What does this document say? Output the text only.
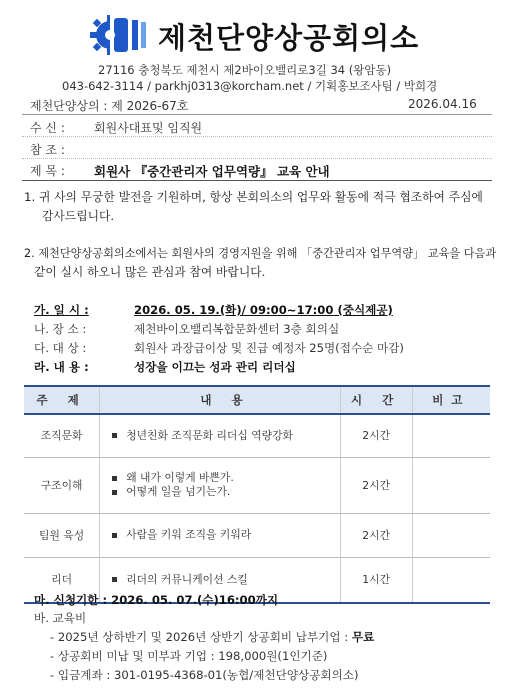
제천단양상공회의소
27116 충청북도 제천시 제2바이오밸리로3길 34 (왕암동)
043-642-3114 / parkhj0313@korcham.net / 기획홍보조사팀 / 박희경
제천단양상의 : 제 2026-67호	2026.04.16
수 신 : 회원사대표및 임직원
참 조 :
제 목 : 회원사 『중간관리자 업무역량』 교육 안내
1. 귀 사의 무궁한 발전을 기원하며, 항상 본회의소의 업무와 활동에 적극 협조하여 주심에
감사드립니다.
2. 제천단양상공회의소에서는 회원사의 경영지원을 위해 「중간관리자 업무역량」 교육을 다음과
같이 실시 하오니 많은 관심과 참여 바랍니다.
가. 일 시 :	2026. 05. 19.(화)/ 09:00~17:00 (중식제공)
나. 장 소 :	제천바이오밸리복합문화센터 3층 회의실
다. 대 상 :	회원사 과장급이상 및 진급 예정자 25명(접수순 마감)
라. 내 용 :	성장을 이끄는 성과 관리 리더십
주 제	내 용	시 간	비고
조직문화	청년친화 조직문화 리더십 역량강화	2시간	
구조이해	왜 내가 이렇게 바쁜가.
어떻게 일을 넘기는가.	2시간	
팀원 육성	사람을 키워 조직을 키워라	2시간	
리더	리더의 커뮤니케이션 스킬	1시간	
마. 신청기한 : 2026. 05. 07.(수)16:00까지
바. 교육비
- 2025년 상하반기 및 2026년 상반기 상공회비 납부기업 : 무료
- 상공회비 미납 및 미부과 기업 : 198,000원(1인기준)
- 입금계좌 : 301-0195-4368-01(농협/제천단양상공회의소)
